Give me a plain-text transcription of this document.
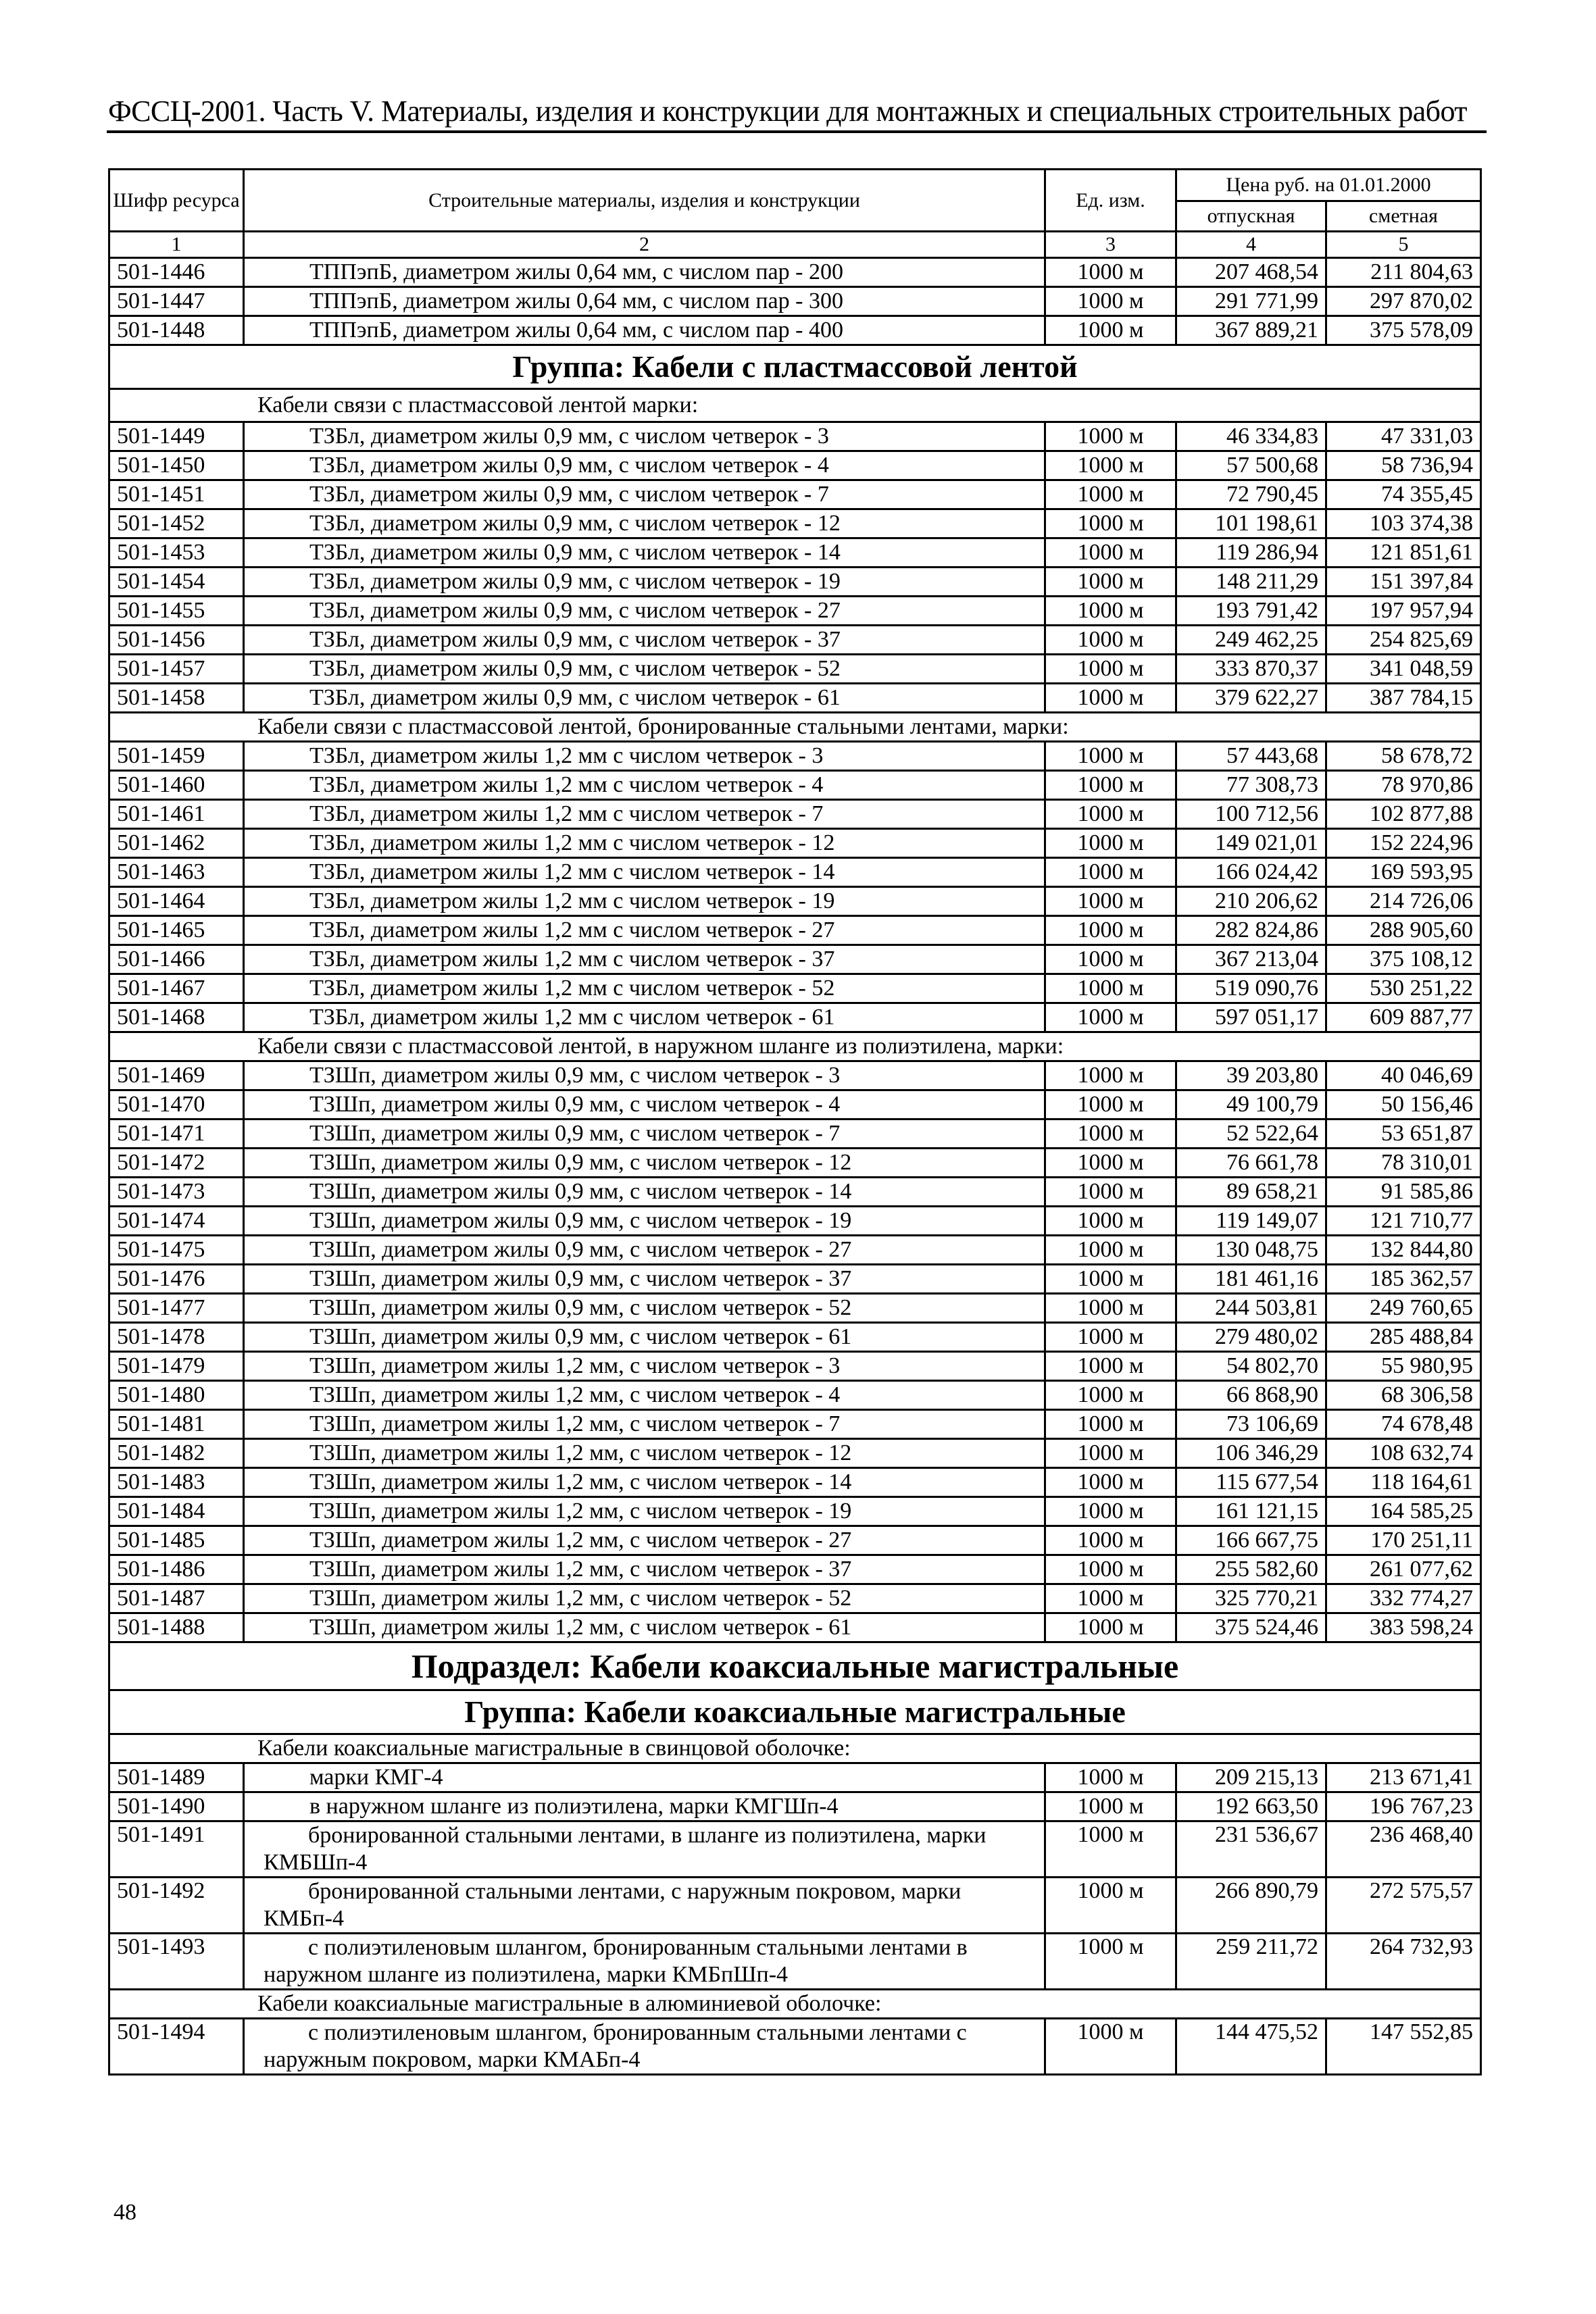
ФССЦ-2001. Часть V. Материалы, изделия и конструкции для монтажных и специальных строительных работ
Шифр ресурса	Строительные материалы, изделия и конструкции	Ед. изм.	Цена руб. на 01.01.2000	
			отпускная	сметная
1	2	3	4	5
501-1446	ТППэпБ, диаметром жилы 0,64 мм, с числом пар - 200	1000 м	207 468,54	211 804,63
501-1447	ТППэпБ, диаметром жилы 0,64 мм, с числом пар - 300	1000 м	291 771,99	297 870,02
501-1448	ТППэпБ, диаметром жилы 0,64 мм, с числом пар - 400	1000 м	367 889,21	375 578,09
Группа: Кабели с пластмассовой лентой				
Кабели связи с пластмассовой лентой марки:				
501-1449	ТЗБл, диаметром жилы 0,9 мм, с числом четверок - 3	1000 м	46 334,83	47 331,03
501-1450	ТЗБл, диаметром жилы 0,9 мм, с числом четверок - 4	1000 м	57 500,68	58 736,94
501-1451	ТЗБл, диаметром жилы 0,9 мм, с числом четверок - 7	1000 м	72 790,45	74 355,45
501-1452	ТЗБл, диаметром жилы 0,9 мм, с числом четверок - 12	1000 м	101 198,61	103 374,38
501-1453	ТЗБл, диаметром жилы 0,9 мм, с числом четверок - 14	1000 м	119 286,94	121 851,61
501-1454	ТЗБл, диаметром жилы 0,9 мм, с числом четверок - 19	1000 м	148 211,29	151 397,84
501-1455	ТЗБл, диаметром жилы 0,9 мм, с числом четверок - 27	1000 м	193 791,42	197 957,94
501-1456	ТЗБл, диаметром жилы 0,9 мм, с числом четверок - 37	1000 м	249 462,25	254 825,69
501-1457	ТЗБл, диаметром жилы 0,9 мм, с числом четверок - 52	1000 м	333 870,37	341 048,59
501-1458	ТЗБл, диаметром жилы 0,9 мм, с числом четверок - 61	1000 м	379 622,27	387 784,15
Кабели связи с пластмассовой лентой, бронированные стальными лентами, марки:				
501-1459	ТЗБл, диаметром жилы 1,2 мм с числом четверок - 3	1000 м	57 443,68	58 678,72
501-1460	ТЗБл, диаметром жилы 1,2 мм с числом четверок - 4	1000 м	77 308,73	78 970,86
501-1461	ТЗБл, диаметром жилы 1,2 мм с числом четверок - 7	1000 м	100 712,56	102 877,88
501-1462	ТЗБл, диаметром жилы 1,2 мм с числом четверок - 12	1000 м	149 021,01	152 224,96
501-1463	ТЗБл, диаметром жилы 1,2 мм с числом четверок - 14	1000 м	166 024,42	169 593,95
501-1464	ТЗБл, диаметром жилы 1,2 мм с числом четверок - 19	1000 м	210 206,62	214 726,06
501-1465	ТЗБл, диаметром жилы 1,2 мм с числом четверок - 27	1000 м	282 824,86	288 905,60
501-1466	ТЗБл, диаметром жилы 1,2 мм с числом четверок - 37	1000 м	367 213,04	375 108,12
501-1467	ТЗБл, диаметром жилы 1,2 мм с числом четверок - 52	1000 м	519 090,76	530 251,22
501-1468	ТЗБл, диаметром жилы 1,2 мм с числом четверок - 61	1000 м	597 051,17	609 887,77
Кабели связи с пластмассовой лентой, в наружном шланге из полиэтилена, марки:				
501-1469	ТЗШп, диаметром жилы 0,9 мм, с числом четверок - 3	1000 м	39 203,80	40 046,69
501-1470	ТЗШп, диаметром жилы 0,9 мм, с числом четверок - 4	1000 м	49 100,79	50 156,46
501-1471	ТЗШп, диаметром жилы 0,9 мм, с числом четверок - 7	1000 м	52 522,64	53 651,87
501-1472	ТЗШп, диаметром жилы 0,9 мм, с числом четверок - 12	1000 м	76 661,78	78 310,01
501-1473	ТЗШп, диаметром жилы 0,9 мм, с числом четверок - 14	1000 м	89 658,21	91 585,86
501-1474	ТЗШп, диаметром жилы 0,9 мм, с числом четверок - 19	1000 м	119 149,07	121 710,77
501-1475	ТЗШп, диаметром жилы 0,9 мм, с числом четверок - 27	1000 м	130 048,75	132 844,80
501-1476	ТЗШп, диаметром жилы 0,9 мм, с числом четверок - 37	1000 м	181 461,16	185 362,57
501-1477	ТЗШп, диаметром жилы 0,9 мм, с числом четверок - 52	1000 м	244 503,81	249 760,65
501-1478	ТЗШп, диаметром жилы 0,9 мм, с числом четверок - 61	1000 м	279 480,02	285 488,84
501-1479	ТЗШп, диаметром жилы 1,2 мм, с числом четверок - 3	1000 м	54 802,70	55 980,95
501-1480	ТЗШп, диаметром жилы 1,2 мм, с числом четверок - 4	1000 м	66 868,90	68 306,58
501-1481	ТЗШп, диаметром жилы 1,2 мм, с числом четверок - 7	1000 м	73 106,69	74 678,48
501-1482	ТЗШп, диаметром жилы 1,2 мм, с числом четверок - 12	1000 м	106 346,29	108 632,74
501-1483	ТЗШп, диаметром жилы 1,2 мм, с числом четверок - 14	1000 м	115 677,54	118 164,61
501-1484	ТЗШп, диаметром жилы 1,2 мм, с числом четверок - 19	1000 м	161 121,15	164 585,25
501-1485	ТЗШп, диаметром жилы 1,2 мм, с числом четверок - 27	1000 м	166 667,75	170 251,11
501-1486	ТЗШп, диаметром жилы 1,2 мм, с числом четверок - 37	1000 м	255 582,60	261 077,62
501-1487	ТЗШп, диаметром жилы 1,2 мм, с числом четверок - 52	1000 м	325 770,21	332 774,27
501-1488	ТЗШп, диаметром жилы 1,2 мм, с числом четверок - 61	1000 м	375 524,46	383 598,24
Подраздел: Кабели коаксиальные магистральные				
Группа: Кабели коаксиальные магистральные				
Кабели коаксиальные магистральные в свинцовой оболочке:				
501-1489	марки КМГ-4	1000 м	209 215,13	213 671,41
501-1490	в наружном шланге из полиэтилена, марки КМГШп-4	1000 м	192 663,50	196 767,23
501-1491	бронированной стальными лентами, в шланге из полиэтилена, марки КМБШп-4	1000 м	231 536,67	236 468,40
501-1492	бронированной стальными лентами, с наружным покровом, марки КМБп-4	1000 м	266 890,79	272 575,57
501-1493	с полиэтиленовым шлангом, бронированным стальными лентами в наружном шланге из полиэтилена, марки КМБпШп-4	1000 м	259 211,72	264 732,93
Кабели коаксиальные магистральные в алюминиевой оболочке:				
501-1494	с полиэтиленовым шлангом, бронированным стальными лентами с наружным покровом, марки КМАБп-4	1000 м	144 475,52	147 552,85
48
